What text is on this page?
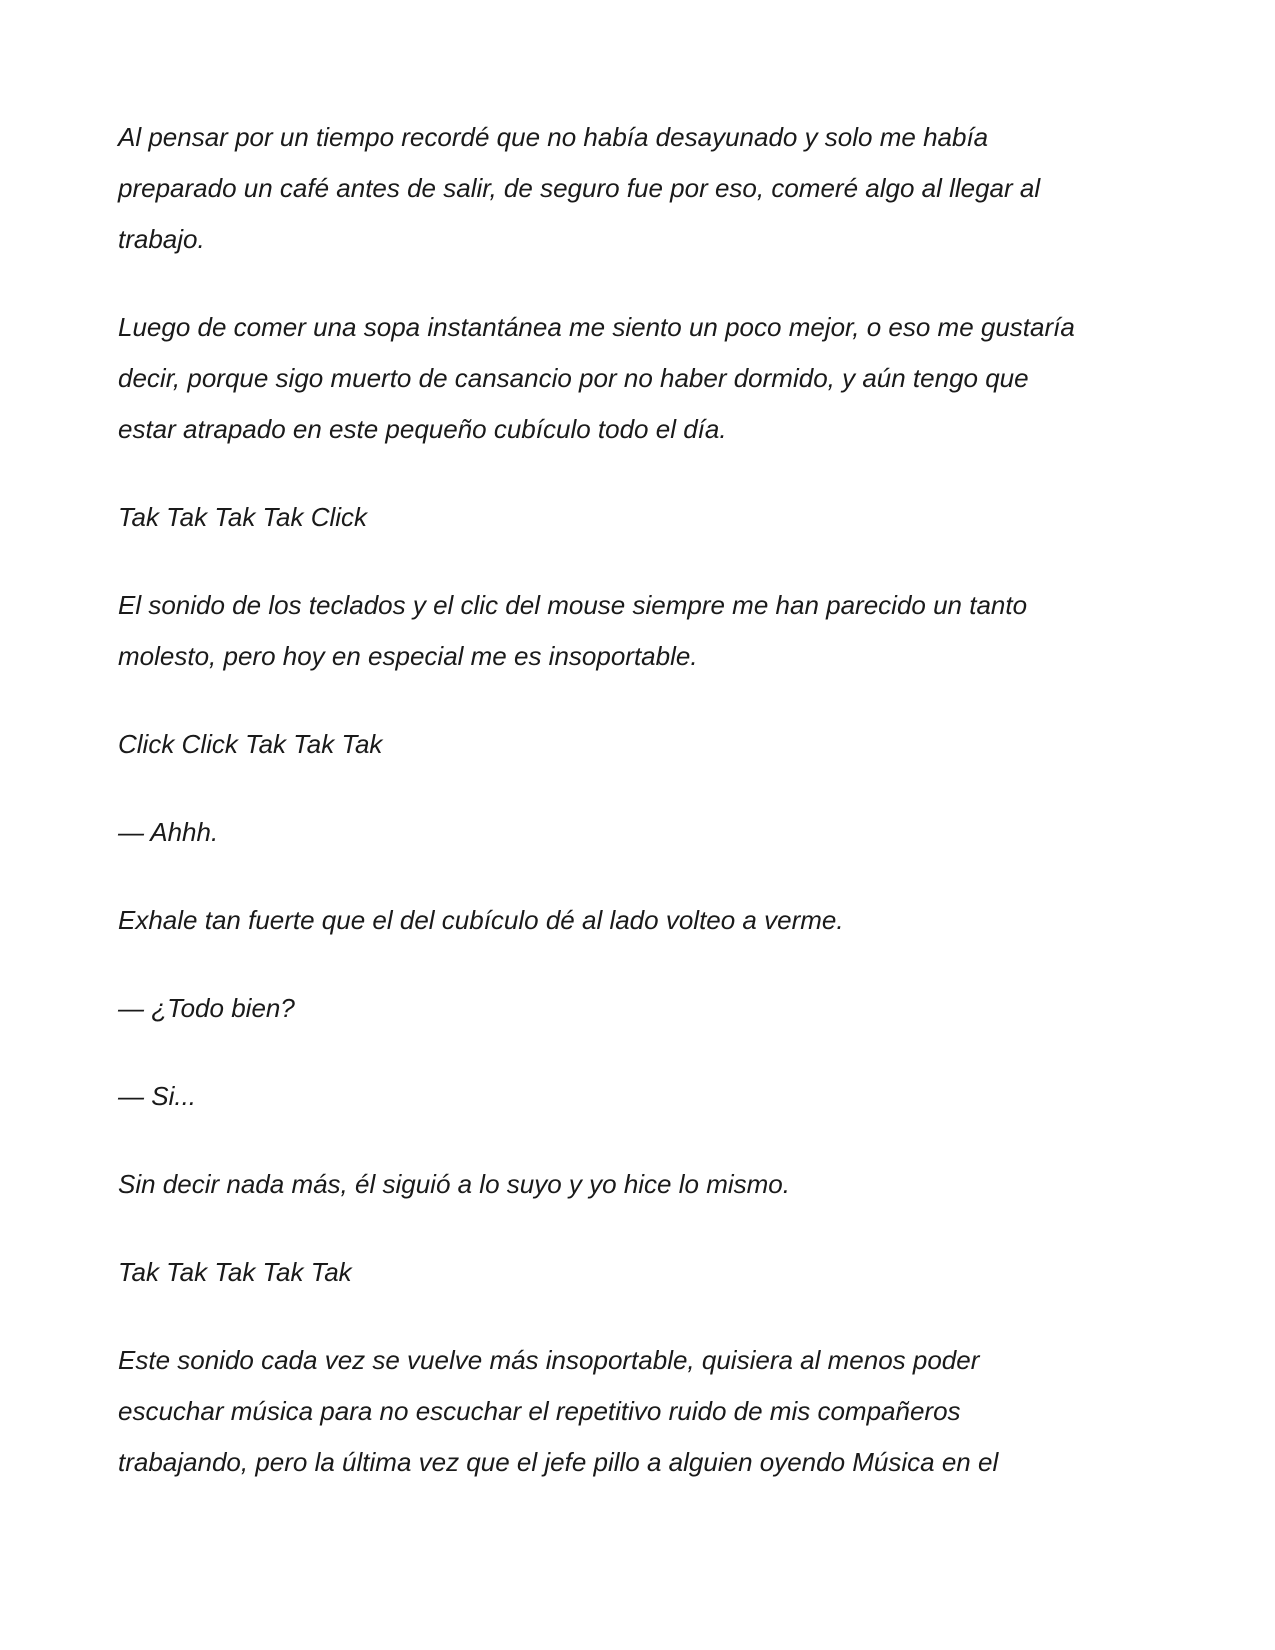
Al pensar por un tiempo recordé que no había desayunado y solo me había
preparado un café antes de salir, de seguro fue por eso, comeré algo al llegar al
trabajo.
Luego de comer una sopa instantánea me siento un poco mejor, o eso me gustaría
decir, porque sigo muerto de cansancio por no haber dormido, y aún tengo que
estar atrapado en este pequeño cubículo todo el día.
Tak Tak Tak Tak Click
El sonido de los teclados y el clic del mouse siempre me han parecido un tanto
molesto, pero hoy en especial me es insoportable.
Click Click Tak Tak Tak
— Ahhh.
Exhale tan fuerte que el del cubículo dé al lado volteo a verme.
— ¿Todo bien?
— Si...
Sin decir nada más, él siguió a lo suyo y yo hice lo mismo.
Tak Tak Tak Tak Tak
Este sonido cada vez se vuelve más insoportable, quisiera al menos poder
escuchar música para no escuchar el repetitivo ruido de mis compañeros
trabajando, pero la última vez que el jefe pillo a alguien oyendo Música en el
